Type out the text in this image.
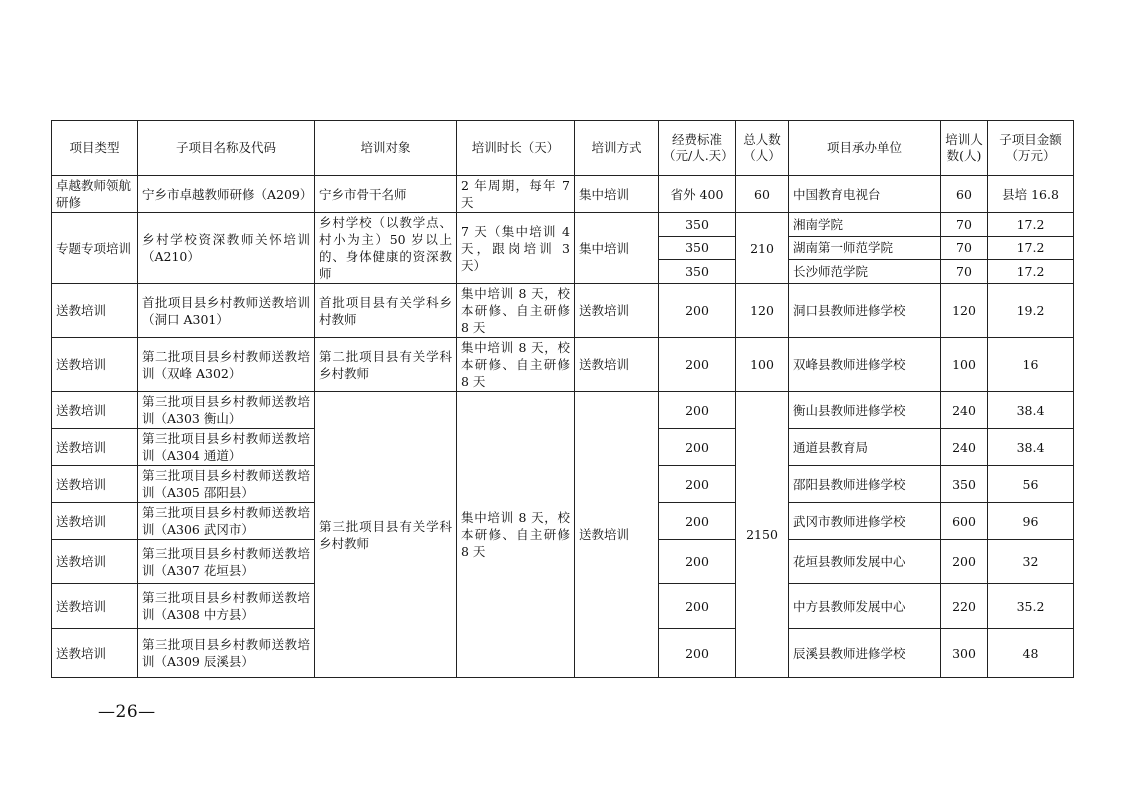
项目类型	子项目名称及代码	培训对象	培训时长（天）	培训方式	经费标准（元/人.天）	总人数（人）	项目承办单位	培训人数(人)	子项目金额（万元）
卓越教师领航研修	宁乡市卓越教师研修（A209）	宁乡市骨干名师	2 年周期，每年 7 天	集中培训	省外 400	60	中国教育电视台	60	县培 16.8
专题专项培训	乡村学校资深教师关怀培训（A210）	乡村学校（以教学点、村小为主）50 岁以上的、身体健康的资深教师	7 天（集中培训 4 天，跟岗培训 3 天）	集中培训	350	210	湘南学院	70	17.2
					350		湖南第一师范学院	70	17.2
					350		长沙师范学院	70	17.2
送教培训	首批项目县乡村教师送教培训（洞口 A301）	首批项目县有关学科乡村教师	集中培训 8 天，校本研修、自主研修 8 天	送教培训	200	120	洞口县教师进修学校	120	19.2
送教培训	第二批项目县乡村教师送教培训（双峰 A302）	第二批项目县有关学科乡村教师	集中培训 8 天，校本研修、自主研修 8 天	送教培训	200	100	双峰县教师进修学校	100	16
送教培训	第三批项目县乡村教师送教培训（A303 衡山）	第三批项目县有关学科乡村教师	集中培训 8 天，校本研修、自主研修 8 天	送教培训	200	2150	衡山县教师进修学校	240	38.4
送教培训	第三批项目县乡村教师送教培训（A304 通道）				200		通道县教育局	240	38.4
送教培训	第三批项目县乡村教师送教培训（A305 邵阳县）				200		邵阳县教师进修学校	350	56
送教培训	第三批项目县乡村教师送教培训（A306 武冈市）				200		武冈市教师进修学校	600	96
送教培训	第三批项目县乡村教师送教培训（A307 花垣县）				200		花垣县教师发展中心	200	32
送教培训	第三批项目县乡村教师送教培训（A308 中方县）				200		中方县教师发展中心	220	35.2
送教培训	第三批项目县乡村教师送教培训（A309 辰溪县）				200		辰溪县教师进修学校	300	48
—26—
